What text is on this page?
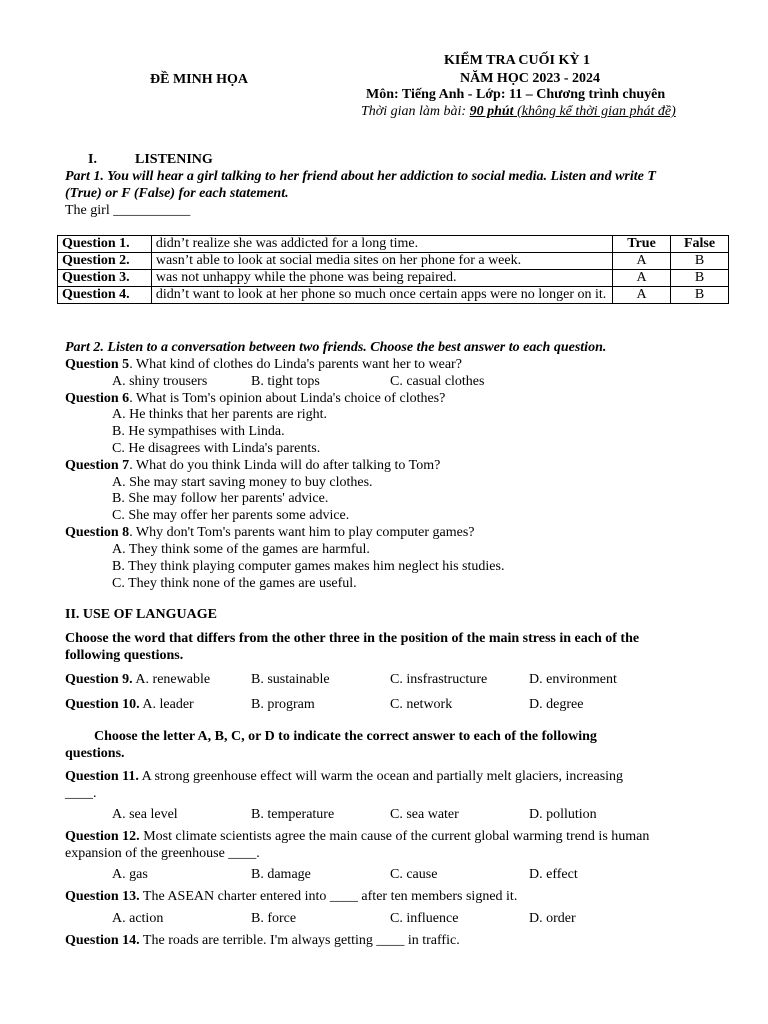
ĐỀ MINH HỌA
KIỂM TRA CUỐI KỲ 1
NĂM HỌC 2023 - 2024
Môn: Tiếng Anh - Lớp: 11 – Chương trình chuyên
Thời gian làm bài: 90 phút (không kể thời gian phát đề)
I.	LISTENING
Part 1. You will hear a girl talking to her friend about her addiction to social media. Listen and write T
(True) or F (False) for each statement.
The girl ___________
Question 1.	didn’t realize she was addicted for a long time.	True	False
Question 2.	wasn’t able to look at social media sites on her phone for a week.	A	B
Question 3.	was not unhappy while the phone was being repaired.	A	B
Question 4.	didn’t want to look at her phone so much once certain apps were no longer on it.	A	B
Part 2. Listen to a conversation between two friends. Choose the best answer to each question.
Question 5. What kind of clothes do Linda's parents want her to wear?
A. shiny trousers	B. tight tops	C. casual clothes
Question 6. What is Tom's opinion about Linda's choice of clothes?
A. He thinks that her parents are right.
B. He sympathises with Linda.
C. He disagrees with Linda's parents.
Question 7. What do you think Linda will do after talking to Tom?
A. She may start saving money to buy clothes.
B. She may follow her parents' advice.
C. She may offer her parents some advice.
Question 8. Why don't Tom's parents want him to play computer games?
A. They think some of the games are harmful.
B. They think playing computer games makes him neglect his studies.
C. They think none of the games are useful.
II. USE OF LANGUAGE
Choose the word that differs from the other three in the position of the main stress in each of the
following questions.
Question 9. A. renewable	B. sustainable	C. insfrastructure	D. environment
Question 10. A. leader	B. program	C. network	D. degree
Choose the letter A, B, C, or D to indicate the correct answer to each of the following
questions.
Question 11. A strong greenhouse effect will warm the ocean and partially melt glaciers, increasing
____.
A. sea level	B. temperature	C. sea water	D. pollution
Question 12. Most climate scientists agree the main cause of the current global warming trend is human
expansion of the greenhouse ____.
A. gas	B. damage	C. cause	D. effect
Question 13. The ASEAN charter entered into ____ after ten members signed it.
A. action	B. force	C. influence	D. order
Question 14. The roads are terrible. I'm always getting ____ in traffic.
